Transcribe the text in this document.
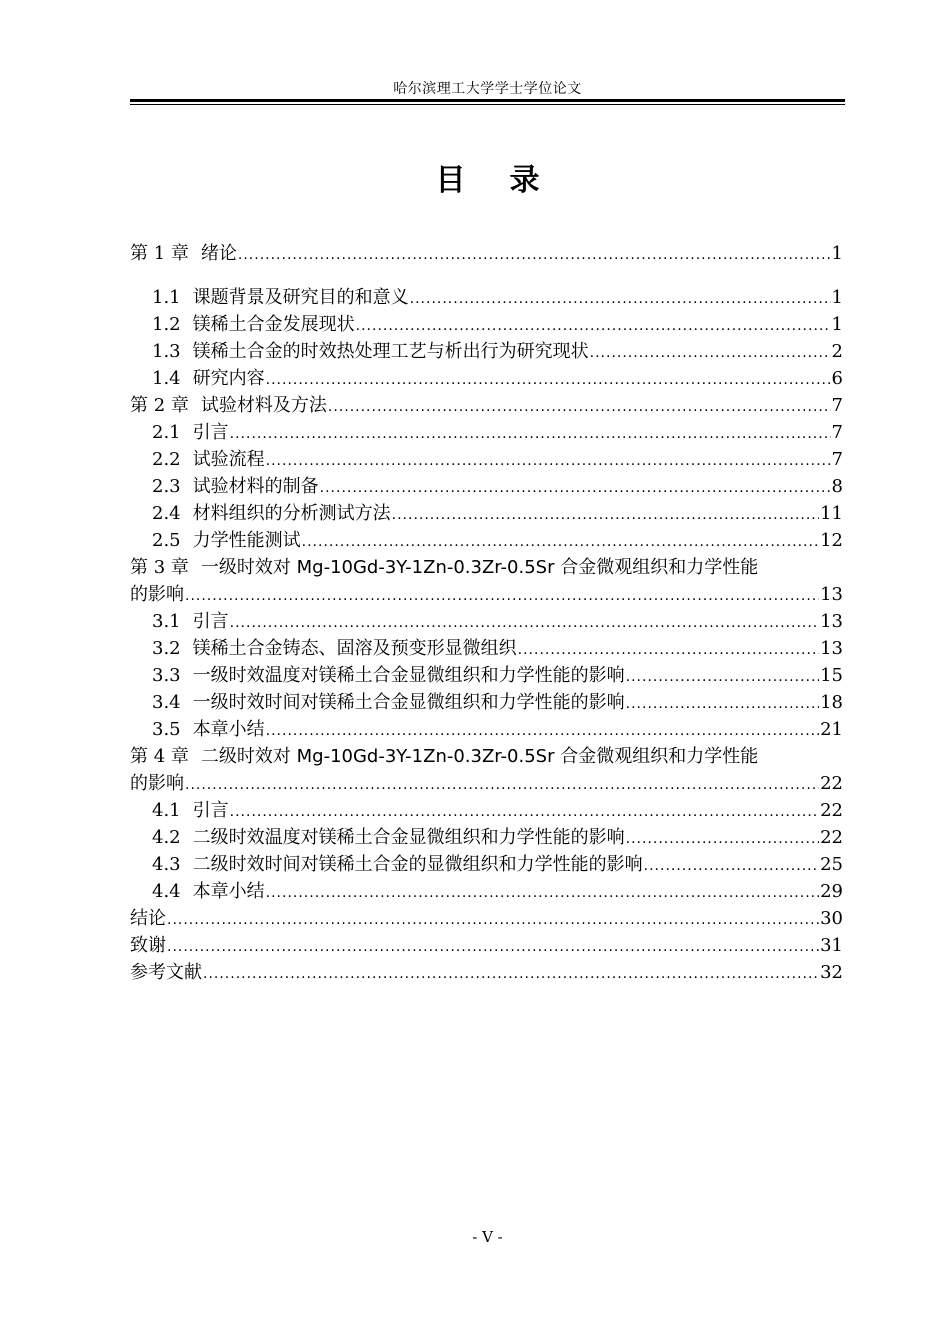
哈尔滨理工大学学士学位论文
目录
第 1 章 绪论 .....	1
1.1 课题背景及研究目的和意义 .....	1
1.2 镁稀土合金发展现状 .....	1
1.3 镁稀土合金的时效热处理工艺与析出行为研究现状 .....	2
1.4 研究内容 .....	6
第 2 章 试验材料及方法 .....	7
2.1 引言 .....	7
2.2 试验流程 .....	7
2.3 试验材料的制备 .....	8
2.4 材料组织的分析测试方法 .....	11
2.5 力学性能测试 .....	12
第 3 章 一级时效对 Mg-10Gd-3Y-1Zn-0.3Zr-0.5Sr 合金微观组织和力学性能
的影响 .....	13
3.1 引言 .....	13
3.2 镁稀土合金铸态、固溶及预变形显微组织 .....	13
3.3 一级时效温度对镁稀土合金显微组织和力学性能的影响 .....	15
3.4 一级时效时间对镁稀土合金显微组织和力学性能的影响 .....	18
3.5 本章小结 .....	21
第 4 章 二级时效对 Mg-10Gd-3Y-1Zn-0.3Zr-0.5Sr 合金微观组织和力学性能
的影响 .....	22
4.1 引言 .....	22
4.2 二级时效温度对镁稀土合金显微组织和力学性能的影响 .....	22
4.3 二级时效时间对镁稀土合金的显微组织和力学性能的影响 .....	25
4.4 本章小结 .....	29
结论 .....	30
致谢 .....	31
参考文献 .....	32
- V -
